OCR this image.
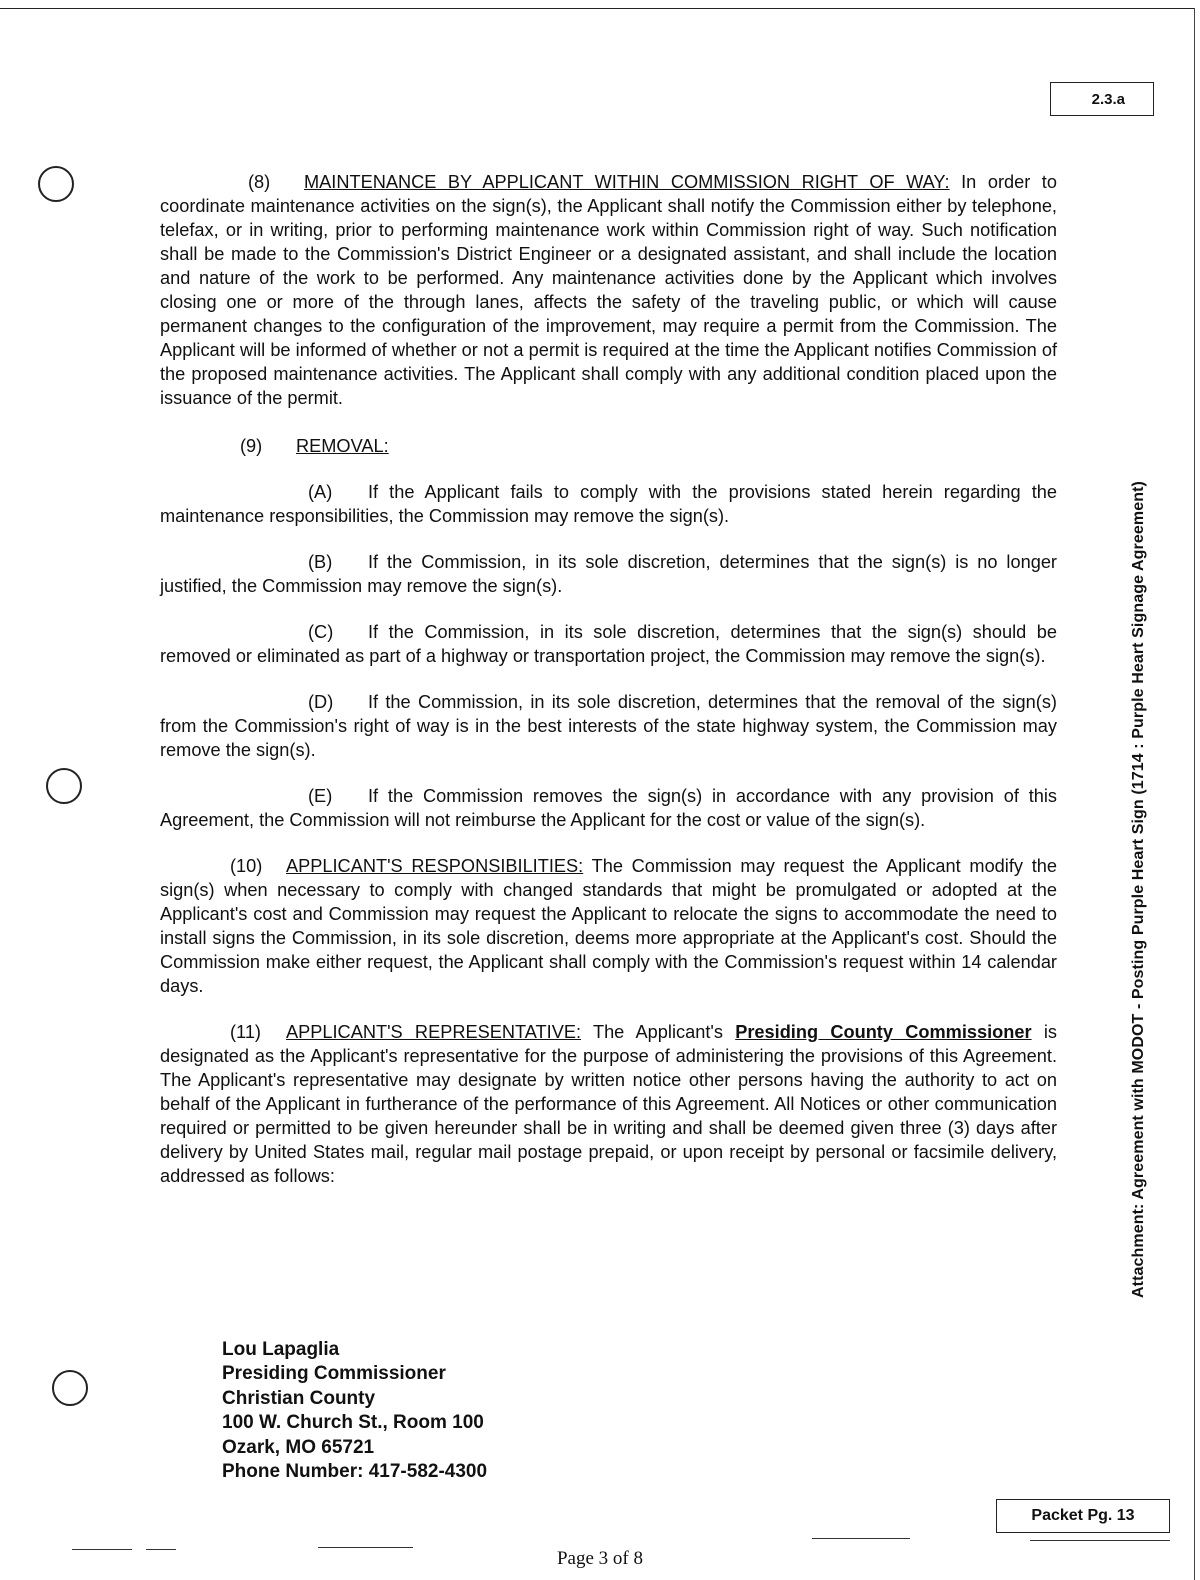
2.3.a
Attachment: Agreement with MODOT - Posting Purple Heart Sign (1714 : Purple Heart Signage Agreement)

(8) MAINTENANCE BY APPLICANT WITHIN COMMISSION RIGHT OF WAY: In order to coordinate maintenance activities on the sign(s), the Applicant shall notify the Commission either by telephone, telefax, or in writing, prior to performing maintenance work within Commission right of way. Such notification shall be made to the Commission's District Engineer or a designated assistant, and shall include the location and nature of the work to be performed. Any maintenance activities done by the Applicant which involves closing one or more of the through lanes, affects the safety of the traveling public, or which will cause permanent changes to the configuration of the improvement, may require a permit from the Commission. The Applicant will be informed of whether or not a permit is required at the time the Applicant notifies Commission of the proposed maintenance activities. The Applicant shall comply with any additional condition placed upon the issuance of the permit.

(9) REMOVAL:

(A) If the Applicant fails to comply with the provisions stated herein regarding the maintenance responsibilities, the Commission may remove the sign(s).

(B) If the Commission, in its sole discretion, determines that the sign(s) is no longer justified, the Commission may remove the sign(s).

(C) If the Commission, in its sole discretion, determines that the sign(s) should be removed or eliminated as part of a highway or transportation project, the Commission may remove the sign(s).

(D) If the Commission, in its sole discretion, determines that the removal of the sign(s) from the Commission's right of way is in the best interests of the state highway system, the Commission may remove the sign(s).

(E) If the Commission removes the sign(s) in accordance with any provision of this Agreement, the Commission will not reimburse the Applicant for the cost or value of the sign(s).

(10) APPLICANT'S RESPONSIBILITIES: The Commission may request the Applicant modify the sign(s) when necessary to comply with changed standards that might be promulgated or adopted at the Applicant's cost and Commission may request the Applicant to relocate the signs to accommodate the need to install signs the Commission, in its sole discretion, deems more appropriate at the Applicant's cost. Should the Commission make either request, the Applicant shall comply with the Commission's request within 14 calendar days.

(11) APPLICANT'S REPRESENTATIVE: The Applicant's Presiding County Commissioner is designated as the Applicant's representative for the purpose of administering the provisions of this Agreement. The Applicant's representative may designate by written notice other persons having the authority to act on behalf of the Applicant in furtherance of the performance of this Agreement. All Notices or other communication required or permitted to be given hereunder shall be in writing and shall be deemed given three (3) days after delivery by United States mail, regular mail postage prepaid, or upon receipt by personal or facsimile delivery, addressed as follows:

Lou Lapaglia
Presiding Commissioner
Christian County
100 W. Church St., Room 100
Ozark, MO 65721
Phone Number: 417-582-4300
Packet Pg. 13
Page 3 of 8
